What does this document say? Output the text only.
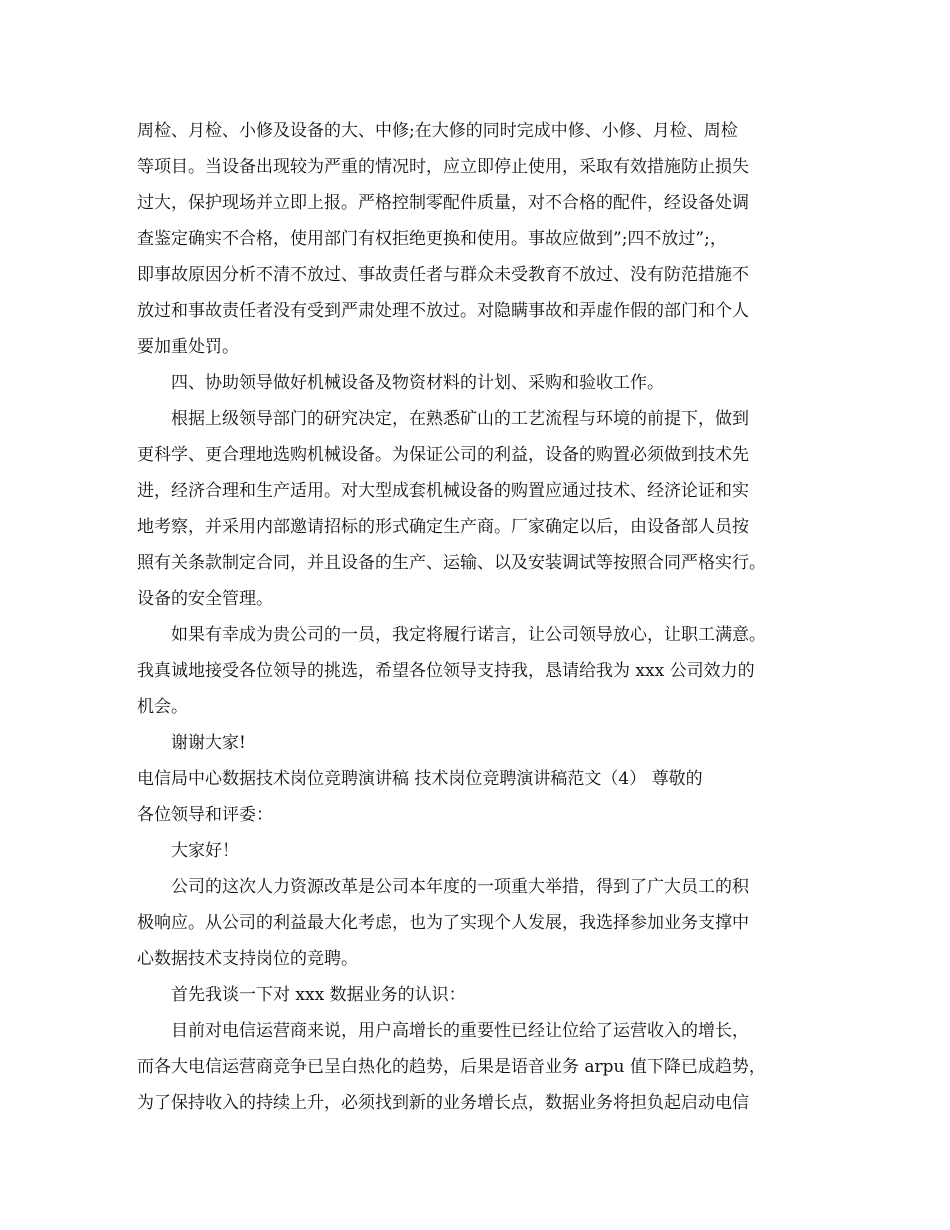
周检、月检、小修及设备的大、中修;在大修的同时完成中修、小修、月检、周检
等项目。当设备出现较为严重的情况时，应立即停止使用，采取有效措施防止损失
过大，保护现场并立即上报。严格控制零配件质量，对不合格的配件，经设备处调
查鉴定确实不合格，使用部门有权拒绝更换和使用。事故应做到”;四不放过”;，
即事故原因分析不清不放过、事故责任者与群众未受教育不放过、没有防范措施不
放过和事故责任者没有受到严肃处理不放过。对隐瞒事故和弄虚作假的部门和个人
要加重处罚。
四、协助领导做好机械设备及物资材料的计划、采购和验收工作。
根据上级领导部门的研究决定，在熟悉矿山的工艺流程与环境的前提下，做到
更科学、更合理地选购机械设备。为保证公司的利益，设备的购置必须做到技术先
进，经济合理和生产适用。对大型成套机械设备的购置应通过技术、经济论证和实
地考察，并采用内部邀请招标的形式确定生产商。厂家确定以后，由设备部人员按
照有关条款制定合同，并且设备的生产、运输、以及安装调试等按照合同严格实行。
设备的安全管理。
如果有幸成为贵公司的一员，我定将履行诺言，让公司领导放心，让职工满意。
我真诚地接受各位领导的挑选，希望各位领导支持我，恳请给我为 xxx 公司效力的
机会。
谢谢大家!
电信局中心数据技术岗位竞聘演讲稿 技术岗位竞聘演讲稿范文（4） 尊敬的
各位领导和评委：
大家好！
公司的这次人力资源改革是公司本年度的一项重大举措，得到了广大员工的积
极响应。从公司的利益最大化考虑，也为了实现个人发展，我选择参加业务支撑中
心数据技术支持岗位的竞聘。
首先我谈一下对 xxx 数据业务的认识：
目前对电信运营商来说，用户高增长的重要性已经让位给了运营收入的增长，
而各大电信运营商竞争已呈白热化的趋势，后果是语音业务 arpu 值下降已成趋势，
为了保持收入的持续上升，必须找到新的业务增长点，数据业务将担负起启动电信
